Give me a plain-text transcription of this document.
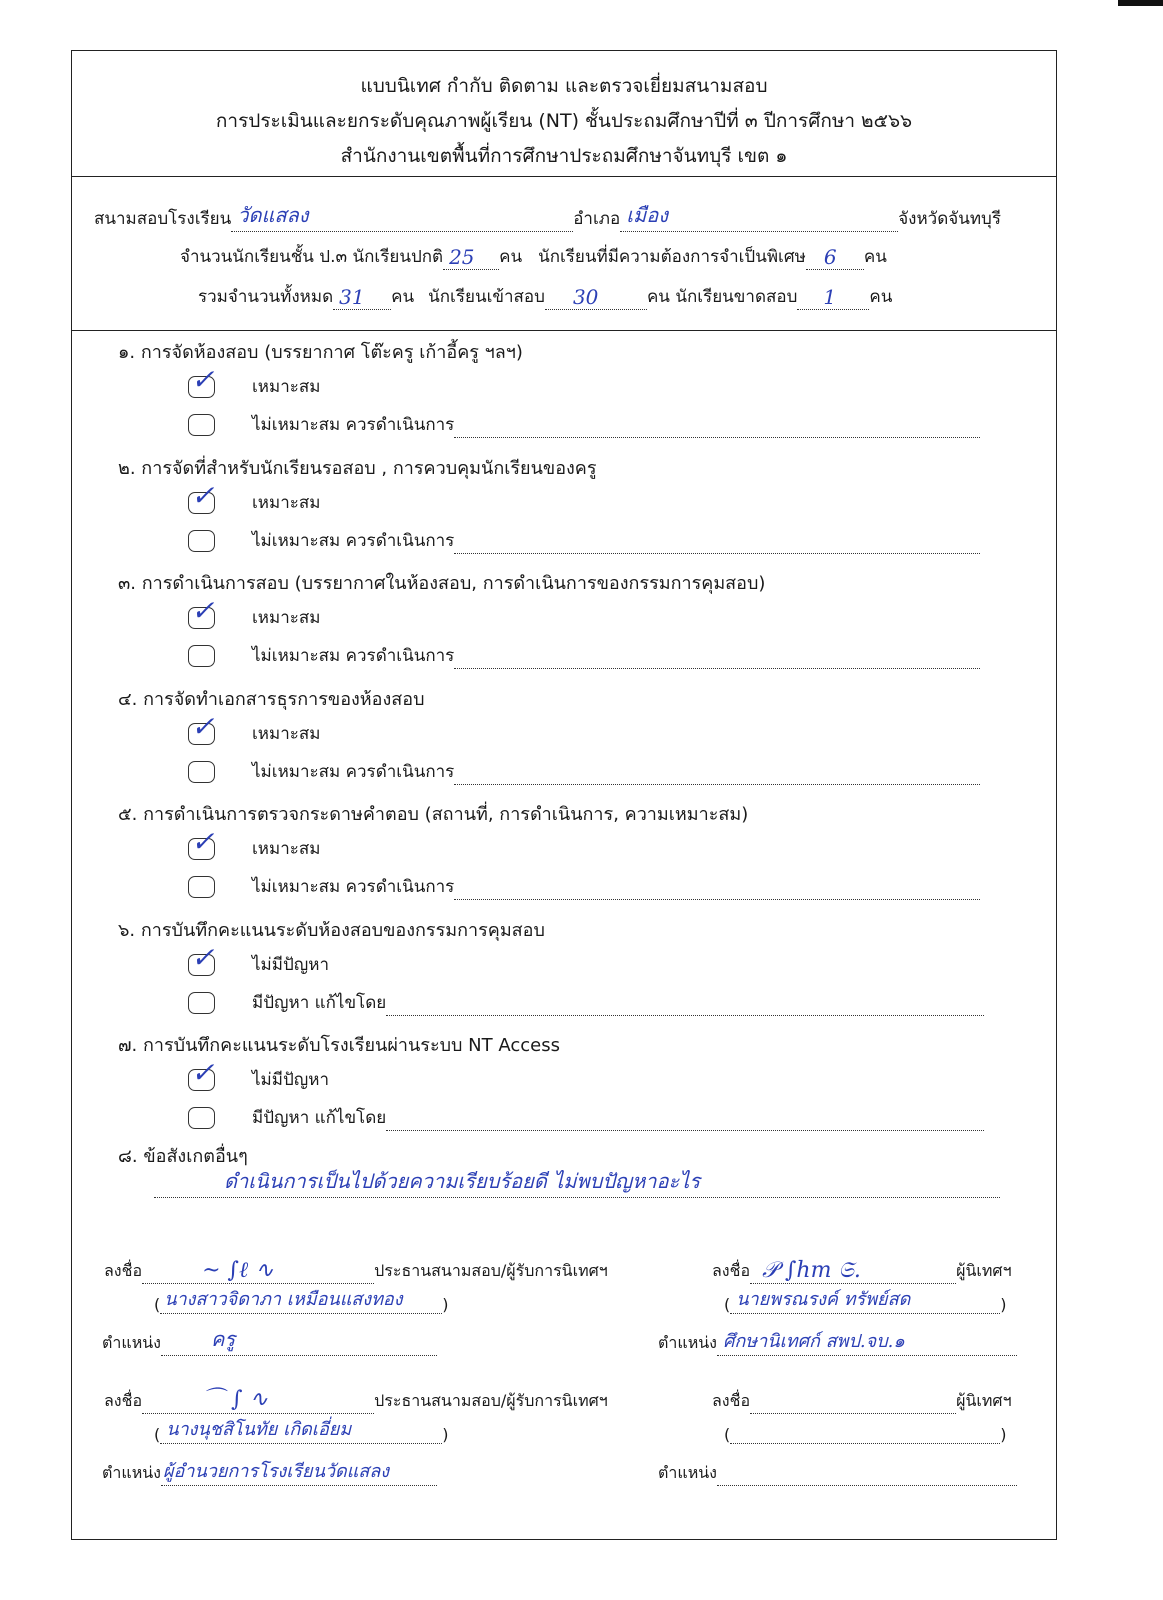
แบบนิเทศ กำกับ ติดตาม และตรวจเยี่ยมสนามสอบ
การประเมินและยกระดับคุณภาพผู้เรียน (NT) ชั้นประถมศึกษาปีที่ ๓ ปีการศึกษา ๒๕๖๖
สำนักงานเขตพื้นที่การศึกษาประถมศึกษาจันทบุรี เขต ๑
สนามสอบโรงเรียน วัดแสลง	อำเภอ เมือง	จังหวัดจันทบุรี
จำนวนนักเรียนชั้น ป.๓ นักเรียนปกติ 25 คน นักเรียนที่มีความต้องการจำเป็นพิเศษ 6 คน
รวมจำนวนทั้งหมด 31 คน นักเรียนเข้าสอบ 30	คน นักเรียนขาดสอบ 1 คน
๑. การจัดห้องสอบ (บรรยากาศ โต๊ะครู เก้าอี้ครู ฯลฯ)
✓ เหมาะสม
ไม่เหมาะสม ควรดำเนินการ
๒. การจัดที่สำหรับนักเรียนรอสอบ , การควบคุมนักเรียนของครู
✓ เหมาะสม
ไม่เหมาะสม ควรดำเนินการ
๓. การดำเนินการสอบ (บรรยากาศในห้องสอบ, การดำเนินการของกรรมการคุมสอบ)
✓ เหมาะสม
ไม่เหมาะสม ควรดำเนินการ
๔. การจัดทำเอกสารธุรการของห้องสอบ
✓ เหมาะสม
ไม่เหมาะสม ควรดำเนินการ
๕. การดำเนินการตรวจกระดาษคำตอบ (สถานที่, การดำเนินการ, ความเหมาะสม)
✓ เหมาะสม
ไม่เหมาะสม ควรดำเนินการ
๖. การบันทึกคะแนนระดับห้องสอบของกรรมการคุมสอบ
✓ ไม่มีปัญหา
มีปัญหา แก้ไขโดย
๗. การบันทึกคะแนนระดับโรงเรียนผ่านระบบ NT Access
✓ ไม่มีปัญหา
มีปัญหา แก้ไขโดย
๘. ข้อสังเกตอื่นๆ
ดำเนินการเป็นไปด้วยความเรียบร้อยดี ไม่พบปัญหาอะไร
ลงชื่อ	~ ∫ℓ ∿	ประธานสนามสอบ/ผู้รับการนิเทศฯ
( นางสาวจิดาภา เหมือนแสงทอง )
ตำแหน่ง	ครู
ลงชื่อ 𝒫 ∫hm 𝔖.	ผู้นิเทศฯ
( นายพรณรงค์ ทรัพย์สด	)
ตำแหน่ง ศึกษานิเทศก์ สพป.จบ.๑
ลงชื่อ	⌒ ∫ ∿	ประธานสนามสอบ/ผู้รับการนิเทศฯ
( นางนุชสิโนทัย เกิดเอี่ยม	)
ตำแหน่ง ผู้อำนวยการโรงเรียนวัดแสลง
ลงชื่อ	ผู้นิเทศฯ
(	)
ตำแหน่ง
